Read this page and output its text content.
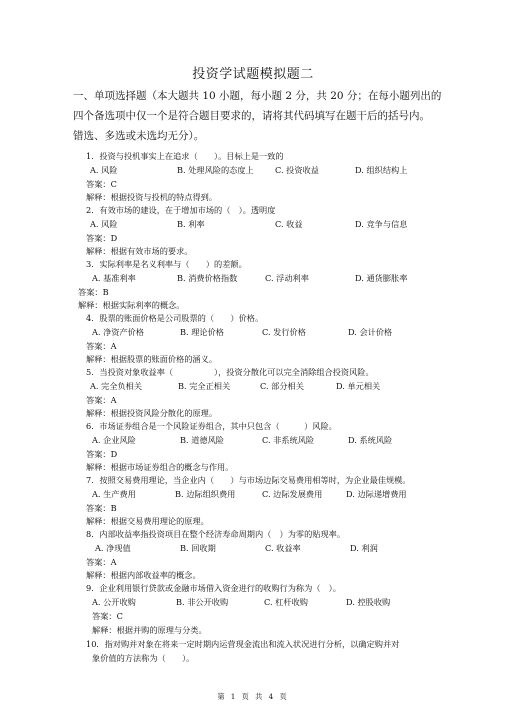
投资学试题模拟题二
一、单项选择题（本大题共 10 小题，每小题 2 分，共 20 分；在每小题列出的
四个备选项中仅一个是符合题目要求的，请将其代码填写在题干后的括号内。
错选、多选或未选均无分）。
1．投资与投机事实上在追求（　　）。目标上是一致的
A. 风险	B. 处理风险的态度上	C. 投资收益	D. 组织结构上
答案：C
解释：根据投资与投机的特点得到。
2．有效市场的建设，在于增加市场的（　）。透明度
A. 风险	B. 利率	C. 收益	D. 竞争与信息
答案：D
解释：根据有效市场的要求。
3．实际利率是名义利率与（　　）的差额。
A. 基准利率	B. 消费价格指数	C. 浮动利率	D. 通货膨胀率
答案：B
解释：根据实际利率的概念。
4．股票的账面价格是公司股票的（　　）价格。
A. 净资产价格	B. 理论价格	C. 发行价格	D. 会计价格
答案：A
解释：根据股票的账面价格的涵义。
5．当投资对象收益率（　　　　　），投资分散化可以完全消除组合投资风险。
A. 完全负相关	B. 完全正相关	C. 部分相关	D. 单元相关
答案：A
解释：根据投资风险分散化的原理。
6．市场证券组合是一个风险证券组合，其中只包含（　　　）风险。
A. 企业风险	B. 道德风险	C. 非系统风险	D. 系统风险
答案：D
解释：根据市场证券组合的概念与作用。
7．按照交易费用理论，当企业内（　　）与市场边际交易费用相等时，为企业最佳规模。
A. 生产费用	B. 边际组织费用	C. 边际发展费用	D. 边际递增费用
答案：B
解释：根据交易费用理论的原理。
8．内部收益率指投资项目在整个经济寿命周期内（　）为零的贴现率。
A. 净现值	B. 回收期	C. 收益率	D. 利润
答案：A
解释：根据内部收益率的概念。
9．企业利用银行贷款或金融市场借入资金进行的收购行为称为（　）。
A. 公开收购	B. 非公开收购	C. 杠杆收购	D. 控股收购
答案：C
解释：根据并购的原理与分类。
10．指对购并对象在将来一定时期内运营现金流出和流入状况进行分析，以确定购并对
象价值的方法称为（　　）。
第 1 页 共 4 页
